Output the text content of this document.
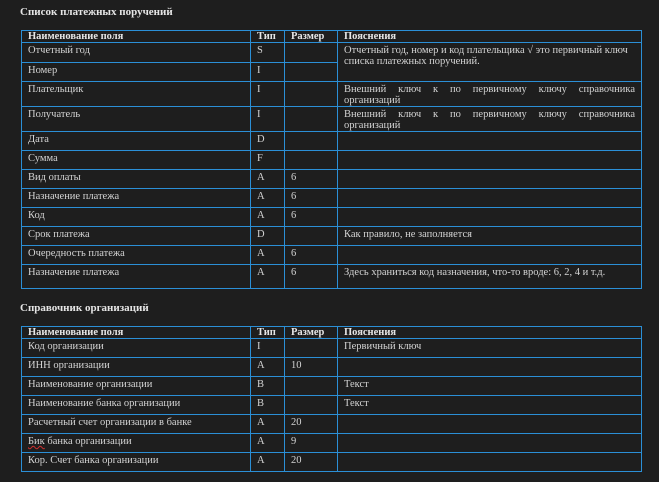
Список платежных поручений
Наименование поля	Тип	Размер	Пояснения
Отчетный год	S		Отчетный год, номер и код плательщика √ это первичный ключ списка платежных поручений.
Номер	I		
Плательщик	I		Внешний ключ к по первичному ключу справочника организаций
Получатель	I		Внешний ключ к по первичному ключу справочника организаций
Дата	D		
Сумма	F		
Вид оплаты	A	6	
Назначение платежа	A	6	
Код	A	6	
Срок платежа	D		Как правило, не заполняется
Очередность платежа	A	6	
Назначение платежа	A	6	Здесь храниться код назначения, что-то вроде: 6, 2, 4 и т.д.
Справочник организаций
Наименование поля	Тип	Размер	Пояснения
Код организации	I		Первичный ключ
ИНН организации	A	10	
Наименование организации	B		Текст
Наименование банка организации	B		Текст
Расчетный счет организации в банке	A	20	
Бик банка организации	A	9	
Кор. Счет банка организации	A	20	
